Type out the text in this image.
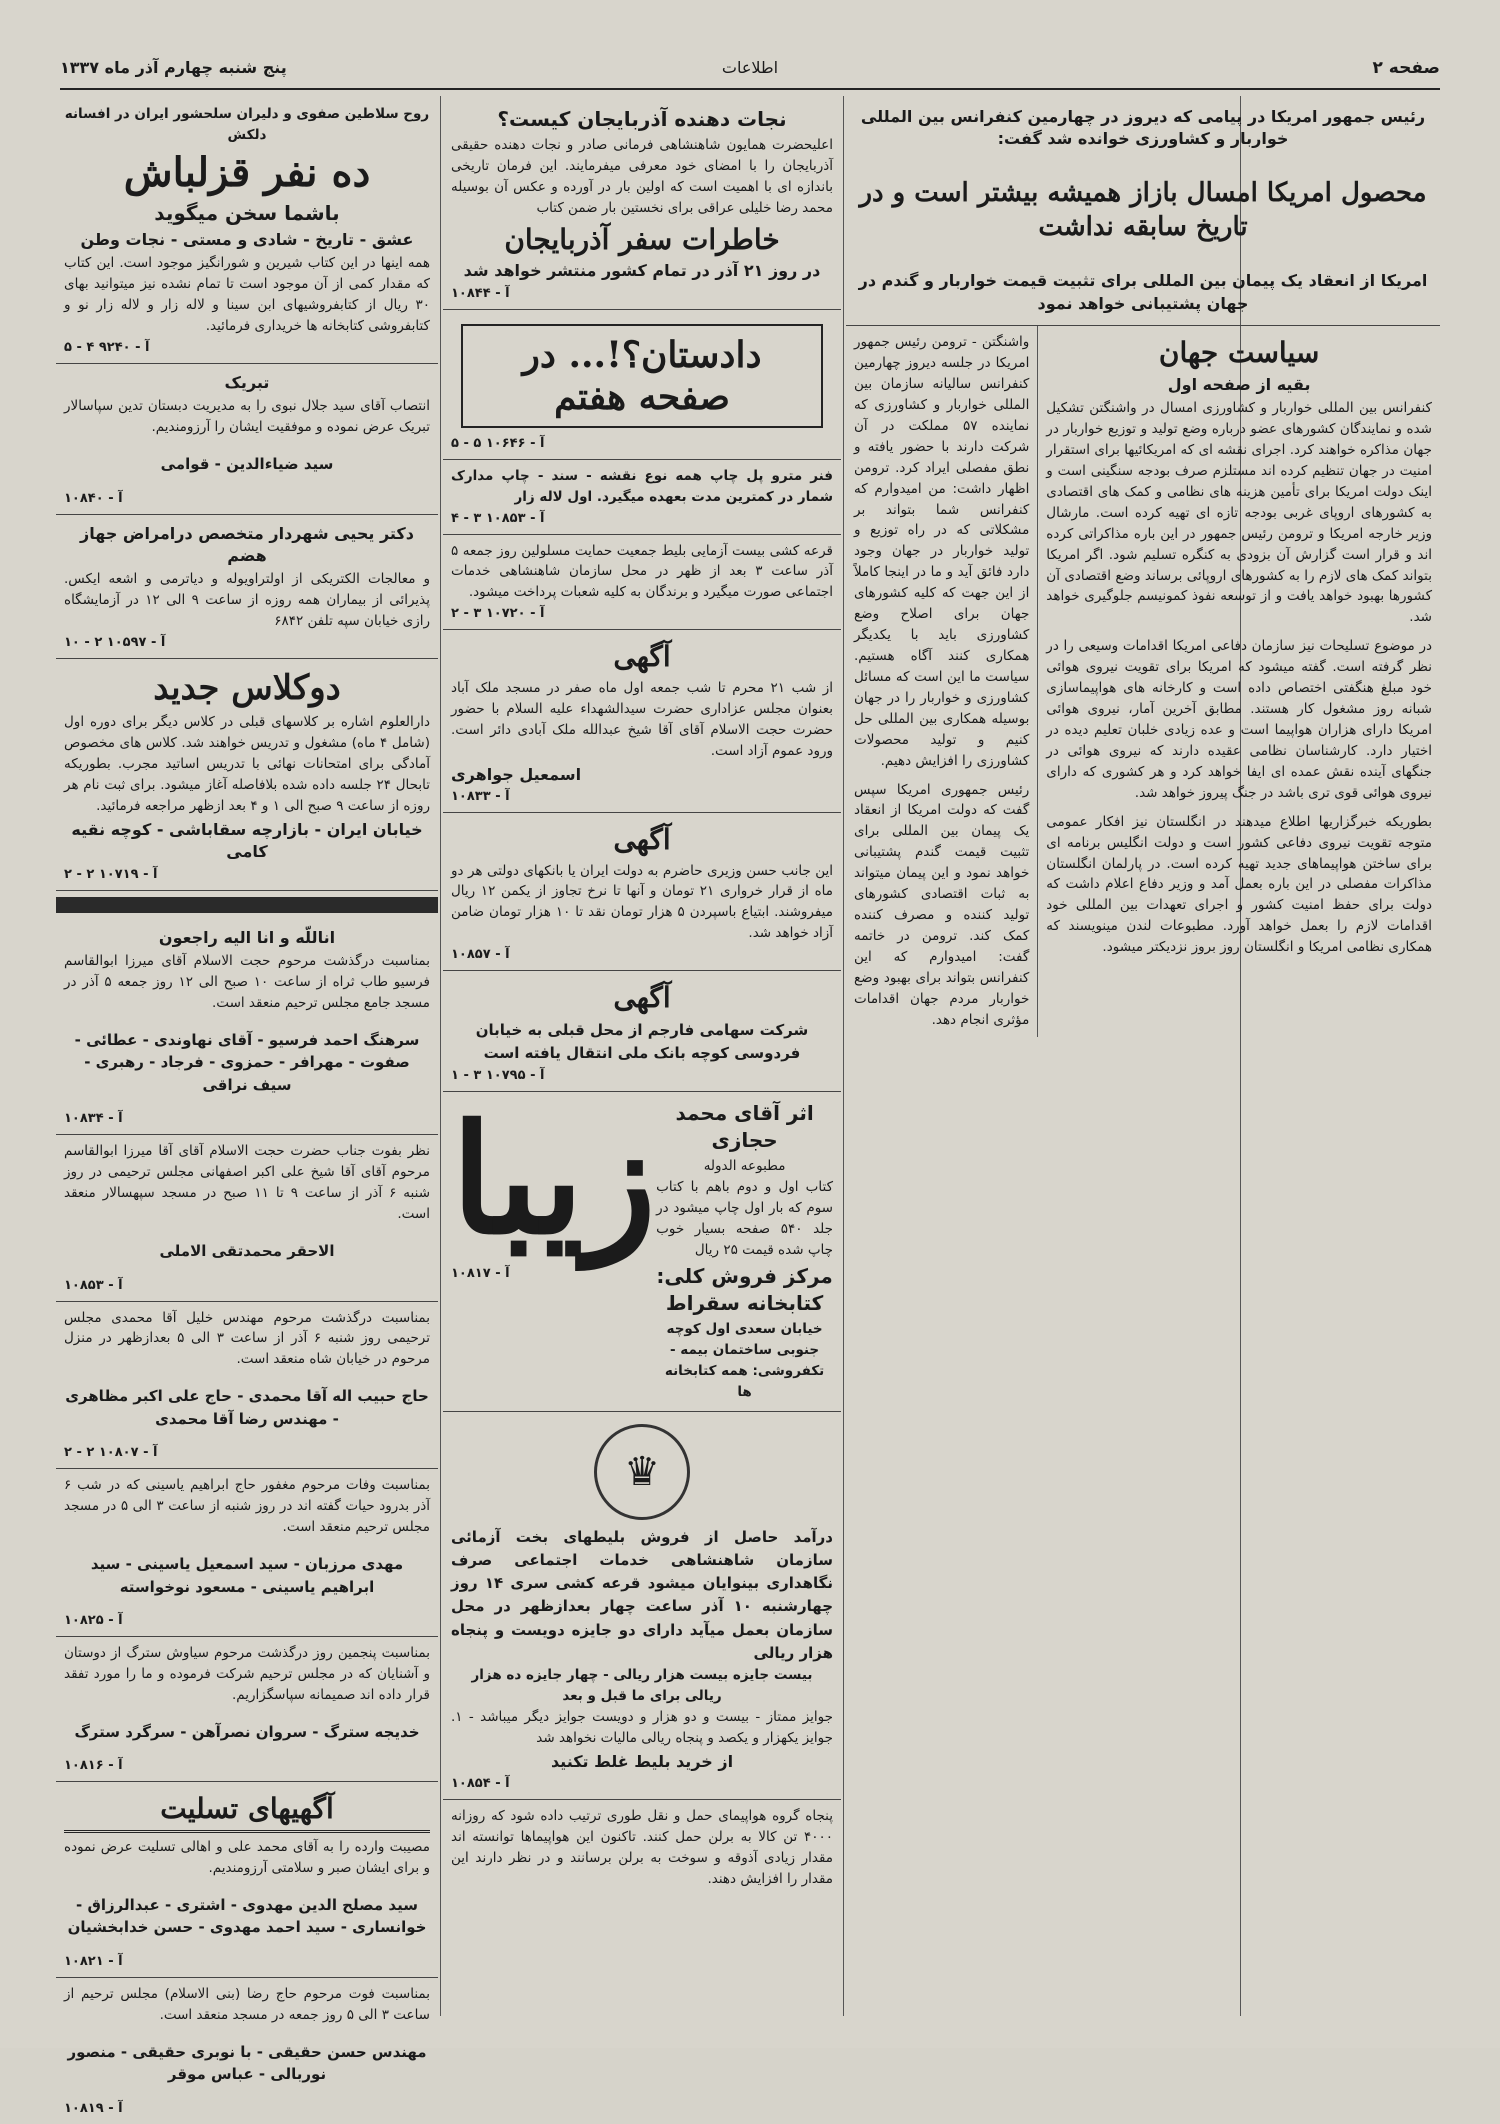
صفحه ۲
اطلاعات
پنج شنبه چهارم آذر ماه ۱۳۳۷

رئیس جمهور امریکا در پیامی که دیروز در چهارمین کنفرانس بین المللی خواربار و کشاورزی خوانده شد گفت:

محصول امریکا امسال بازاز همیشه بیشتر است و در تاریخ سابقه نداشت

امریکا از انعقاد یک پیمان بین المللی برای تثبیت قیمت خواربار و گندم در جهان پشتیبانی خواهد نمود

سیاست جهان

بقیه از صفحه اول

کنفرانس بین المللی خواربار و کشاورزی امسال در واشنگتن تشکیل شده و نمایندگان کشورهای عضو درباره وضع تولید و توزیع خواربار در جهان مذاکره خواهند کرد. اجرای نقشه ای که امریکائیها برای استقرار امنیت در جهان تنظیم کرده اند مستلزم صرف بودجه سنگینی است و اینک دولت امریکا برای تأمین هزینه های نظامی و کمک های اقتصادی به کشورهای اروپای غربی بودجه تازه ای تهیه کرده است. مارشال وزیر خارجه امریکا و ترومن رئیس جمهور در این باره مذاکراتی کرده اند و قرار است گزارش آن بزودی به کنگره تسلیم شود. اگر امریکا بتواند کمک های لازم را به کشورهای اروپائی برساند وضع اقتصادی آن کشورها بهبود خواهد یافت و از توسعه نفوذ کمونیسم جلوگیری خواهد شد.

در موضوع تسلیحات نیز سازمان دفاعی امریکا اقدامات وسیعی را در نظر گرفته است. گفته میشود که امریکا برای تقویت نیروی هوائی خود مبلغ هنگفتی اختصاص داده است و کارخانه های هواپیماسازی شبانه روز مشغول کار هستند. مطابق آخرین آمار، نیروی هوائی امریکا دارای هزاران هواپیما است و عده زیادی خلبان تعلیم دیده در اختیار دارد. کارشناسان نظامی عقیده دارند که نیروی هوائی در جنگهای آینده نقش عمده ای ایفا خواهد کرد و هر کشوری که دارای نیروی هوائی قوی تری باشد در جنگ پیروز خواهد شد.

بطوریکه خبرگزاریها اطلاع میدهند در انگلستان نیز افکار عمومی متوجه تقویت نیروی دفاعی کشور است و دولت انگلیس برنامه ای برای ساختن هواپیماهای جدید تهیه کرده است. در پارلمان انگلستان مذاکرات مفصلی در این باره بعمل آمد و وزیر دفاع اعلام داشت که دولت برای حفظ امنیت کشور و اجرای تعهدات بین المللی خود اقدامات لازم را بعمل خواهد آورد. مطبوعات لندن مینویسند که همکاری نظامی امریکا و انگلستان روز بروز نزدیکتر میشود.

واشنگتن - ترومن رئیس جمهور امریکا در جلسه دیروز چهارمین کنفرانس سالیانه سازمان بین المللی خواربار و کشاورزی که نماینده ۵۷ مملکت در آن شرکت دارند با حضور یافته و نطق مفصلی ایراد کرد. ترومن اظهار داشت: من امیدوارم که کنفرانس شما بتواند بر مشکلاتی که در راه توزیع و تولید خواربار در جهان وجود دارد فائق آید و ما در اینجا کاملاً از این جهت که کلیه کشورهای جهان برای اصلاح وضع کشاورزی باید با یکدیگر همکاری کنند آگاه هستیم. سیاست ما این است که مسائل کشاورزی و خواربار را در جهان بوسیله همکاری بین المللی حل کنیم و تولید محصولات کشاورزی را افزایش دهیم.

رئیس جمهوری امریکا سپس گفت که دولت امریکا از انعقاد یک پیمان بین المللی برای تثبیت قیمت گندم پشتیبانی خواهد نمود و این پیمان میتواند به ثبات اقتصادی کشورهای تولید کننده و مصرف کننده کمک کند. ترومن در خاتمه گفت: امیدوارم که این کنفرانس بتواند برای بهبود وضع خواربار مردم جهان اقدامات مؤثری انجام دهد.

نجات دهنده آذربایجان کیست؟

اعلیحضرت همایون شاهنشاهی فرمانی صادر و نجات دهنده حقیقی آذربایجان را با امضای خود معرفی میفرمایند. این فرمان تاریخی باندازه ای با اهمیت است که اولین بار در آورده و عکس آن بوسیله محمد رضا خلیلی عراقی برای نخستین بار ضمن کتاب

خاطرات سفر آذربایجان

در روز ۲۱ آذر در تمام کشور منتشر خواهد شد

آ - ۱۰۸۴۴
دادستان؟!... در صفحه هفتم
آ - ۱۰۶۴۶ ۵ - ۵

فنر مترو پل چاپ همه نوع نقشه - سند - چاپ مدارک شمار در کمترین مدت بعهده میگیرد. اول لاله زار

آ - ۱۰۸۵۳ ۳ - ۴

قرعه کشی بیست آزمایی بلیط جمعیت حمایت مسلولین روز جمعه ۵ آذر ساعت ۳ بعد از ظهر در محل سازمان شاهنشاهی خدمات اجتماعی صورت میگیرد و برندگان به کلیه شعبات پرداخت میشود.

آ - ۱۰۷۲۰ ۳ - ۲

آگهی

از شب ۲۱ محرم تا شب جمعه اول ماه صفر در مسجد ملک آباد بعنوان مجلس عزاداری حضرت سیدالشهداء علیه السلام با حضور حضرت حجت الاسلام آقای آقا شیخ عبدالله ملک آبادی دائر است. ورود عموم آزاد است.

اسمعیل جواهری

آ - ۱۰۸۳۳

آگهی

این جانب حسن وزیری حاضرم به دولت ایران یا بانکهای دولتی هر دو ماه از قرار خرواری ۲۱ تومان و آنها تا نرخ تجاوز از یکمن ۱۲ ریال میفروشند. ابتیاع باسپردن ۵ هزار تومان نقد تا ۱۰ هزار تومان ضامن آزاد خواهد شد.

آ - ۱۰۸۵۷

آگهی

شرکت سهامی فارجم از محل قبلی به خیابان فردوسی کوچه بانک ملی انتقال یافته است

آ - ۱۰۷۹۵ ۳ - ۱

اثر آقای محمد حجازی

مطبوعه الدوله

کتاب اول و دوم باهم با کتاب سوم که بار اول چاپ میشود در جلد ۵۴۰ صفحه بسیار خوب چاپ شده قیمت ۲۵ ریال

مرکز فروش کلی: کتابخانه سقراط

خیابان سعدی اول کوچه جنوبی ساختمان بیمه - تکفروشی: همه کتابخانه ها

زیبا
آ - ۱۰۸۱۷
♛

درآمد حاصل از فروش بلیطهای بخت آزمائی سازمان شاهنشاهی خدمات اجتماعی صرف نگاهداری بینوایان میشود قرعه کشی سری ۱۴ روز چهارشنبه ۱۰ آذر ساعت چهار بعدازظهر در محل سازمان بعمل میآید دارای دو جایزه دویست و پنجاه هزار ریالی

بیست جایزه بیست هزار ریالی - چهار جایزه ده هزار ریالی برای ما قبل و بعد

جوایز ممتاز - بیست و دو هزار و دویست جوایز دیگر میباشد - ۱. جوایز یکهزار و یکصد و پنجاه ریالی مالیات نخواهد شد

از خرید بلیط غلط تکنید

آ - ۱۰۸۵۴

پنجاه گروه هواپیمای حمل و نقل طوری ترتیب داده شود که روزانه ۴۰۰۰ تن کالا به برلن حمل کنند. تاکنون این هواپیماها توانسته اند مقدار زیادی آذوقه و سوخت به برلن برسانند و در نظر دارند این مقدار را افزایش دهند.

روح سلاطین صفوی و دلیران سلحشور ایران در افسانه دلکش

ده نفر قزلباش

باشما سخن میگوید

عشق - تاریخ - شادی و مستی - نجات وطن

همه اینها در این کتاب شیرین و شورانگیز موجود است. این کتاب که مقدار کمی از آن موجود است تا تمام نشده نیز میتوانید بهای ۳۰ ریال از کتابفروشیهای ابن سینا و لاله زار و لاله زار نو و کتابفروشی کتابخانه ها خریداری فرمائید.

آ - ۹۲۴۰ ۴ - ۵

تبریک

انتصاب آقای سید جلال نبوی را به مدیریت دبستان تدین سپاسالار تبریک عرض نموده و موفقیت ایشان را آرزومندیم.

سید ضیاءالدین - قوامی

آ - ۱۰۸۴۰

دکتر یحیی شهردار متخصص درامراض جهاز هضم

و معالجات الکتریکی از اولتراویوله و دیاترمی و اشعه ایکس. پذیرائی از بیماران همه روزه از ساعت ۹ الی ۱۲ در آزمایشگاه رازی خیابان سپه تلفن ۶۸۴۲

آ - ۱۰۵۹۷ ۲ - ۱۰

دوکلاس جدید

دارالعلوم اشاره بر کلاسهای قبلی در کلاس دیگر برای دوره اول (شامل ۴ ماه) مشغول و تدریس خواهند شد. کلاس های مخصوص آمادگی برای امتحانات نهائی با تدریس اساتید مجرب. بطوریکه تابحال ۲۴ جلسه داده شده بلافاصله آغاز میشود. برای ثبت نام هر روزه از ساعت ۹ صبح الی ۱ و ۴ بعد ازظهر مراجعه فرمائید.

خیابان ایران - بازارچه سقاباشی - کوچه نقیه کامی

آ - ۱۰۷۱۹ ۲ - ۲

اناللّه و انا الیه راجعون

بمناسبت درگذشت مرحوم حجت الاسلام آقای میرزا ابوالقاسم فرسیو طاب ثراه از ساعت ۱۰ صبح الی ۱۲ روز جمعه ۵ آذر در مسجد جامع مجلس ترحیم منعقد است.

سرهنگ احمد فرسیو - آقای نهاوندی - عطائی - صفوت - مهرافر - حمزوی - فرجاد - رهبری - سیف نراقی

آ - ۱۰۸۳۴

نظر بفوت جناب حضرت حجت الاسلام آقای آقا میرزا ابوالقاسم مرحوم آقای آقا شیخ علی اکبر اصفهانی مجلس ترحیمی در روز شنبه ۶ آذر از ساعت ۹ تا ۱۱ صبح در مسجد سپهسالار منعقد است.

الاحقر محمدتقی الاملی

آ - ۱۰۸۵۳

بمناسبت درگذشت مرحوم مهندس خلیل آقا محمدی مجلس ترحیمی روز شنبه ۶ آذر از ساعت ۳ الی ۵ بعدازظهر در منزل مرحوم در خیابان شاه منعقد است.

حاج حبیب اله آقا محمدی - حاج علی اکبر مظاهری - مهندس رضا آقا محمدی

آ - ۱۰۸۰۷ ۲ - ۲

بمناسبت وفات مرحوم مغفور حاج ابراهیم یاسینی که در شب ۶ آذر بدرود حیات گفته اند در روز شنبه از ساعت ۳ الی ۵ در مسجد مجلس ترحیم منعقد است.

مهدی مرزبان - سید اسمعیل یاسینی - سید ابراهیم یاسینی - مسعود نوخواسته

آ - ۱۰۸۲۵

بمناسبت پنجمین روز درگذشت مرحوم سیاوش سترگ از دوستان و آشنایان که در مجلس ترحیم شرکت فرموده و ما را مورد تفقد قرار داده اند صمیمانه سپاسگزاریم.

خدیجه سترگ - سروان نصرآهن - سرگرد سترگ

آ - ۱۰۸۱۶

آگهیهای تسلیت

مصیبت وارده را به آقای محمد علی و اهالی تسلیت عرض نموده و برای ایشان صبر و سلامتی آرزومندیم.

سید مصلح الدین مهدوی - اشتری - عبدالرزاق - خوانساری - سید احمد مهدوی - حسن خدابخشیان

آ - ۱۰۸۲۱

بمناسبت فوت مرحوم حاج رضا (بنی الاسلام) مجلس ترحیم از ساعت ۳ الی ۵ روز جمعه در مسجد منعقد است.

مهندس حسن حقیقی - با نوبری حقیقی - منصور نوربالی - عباس موقر

آ - ۱۰۸۱۹
